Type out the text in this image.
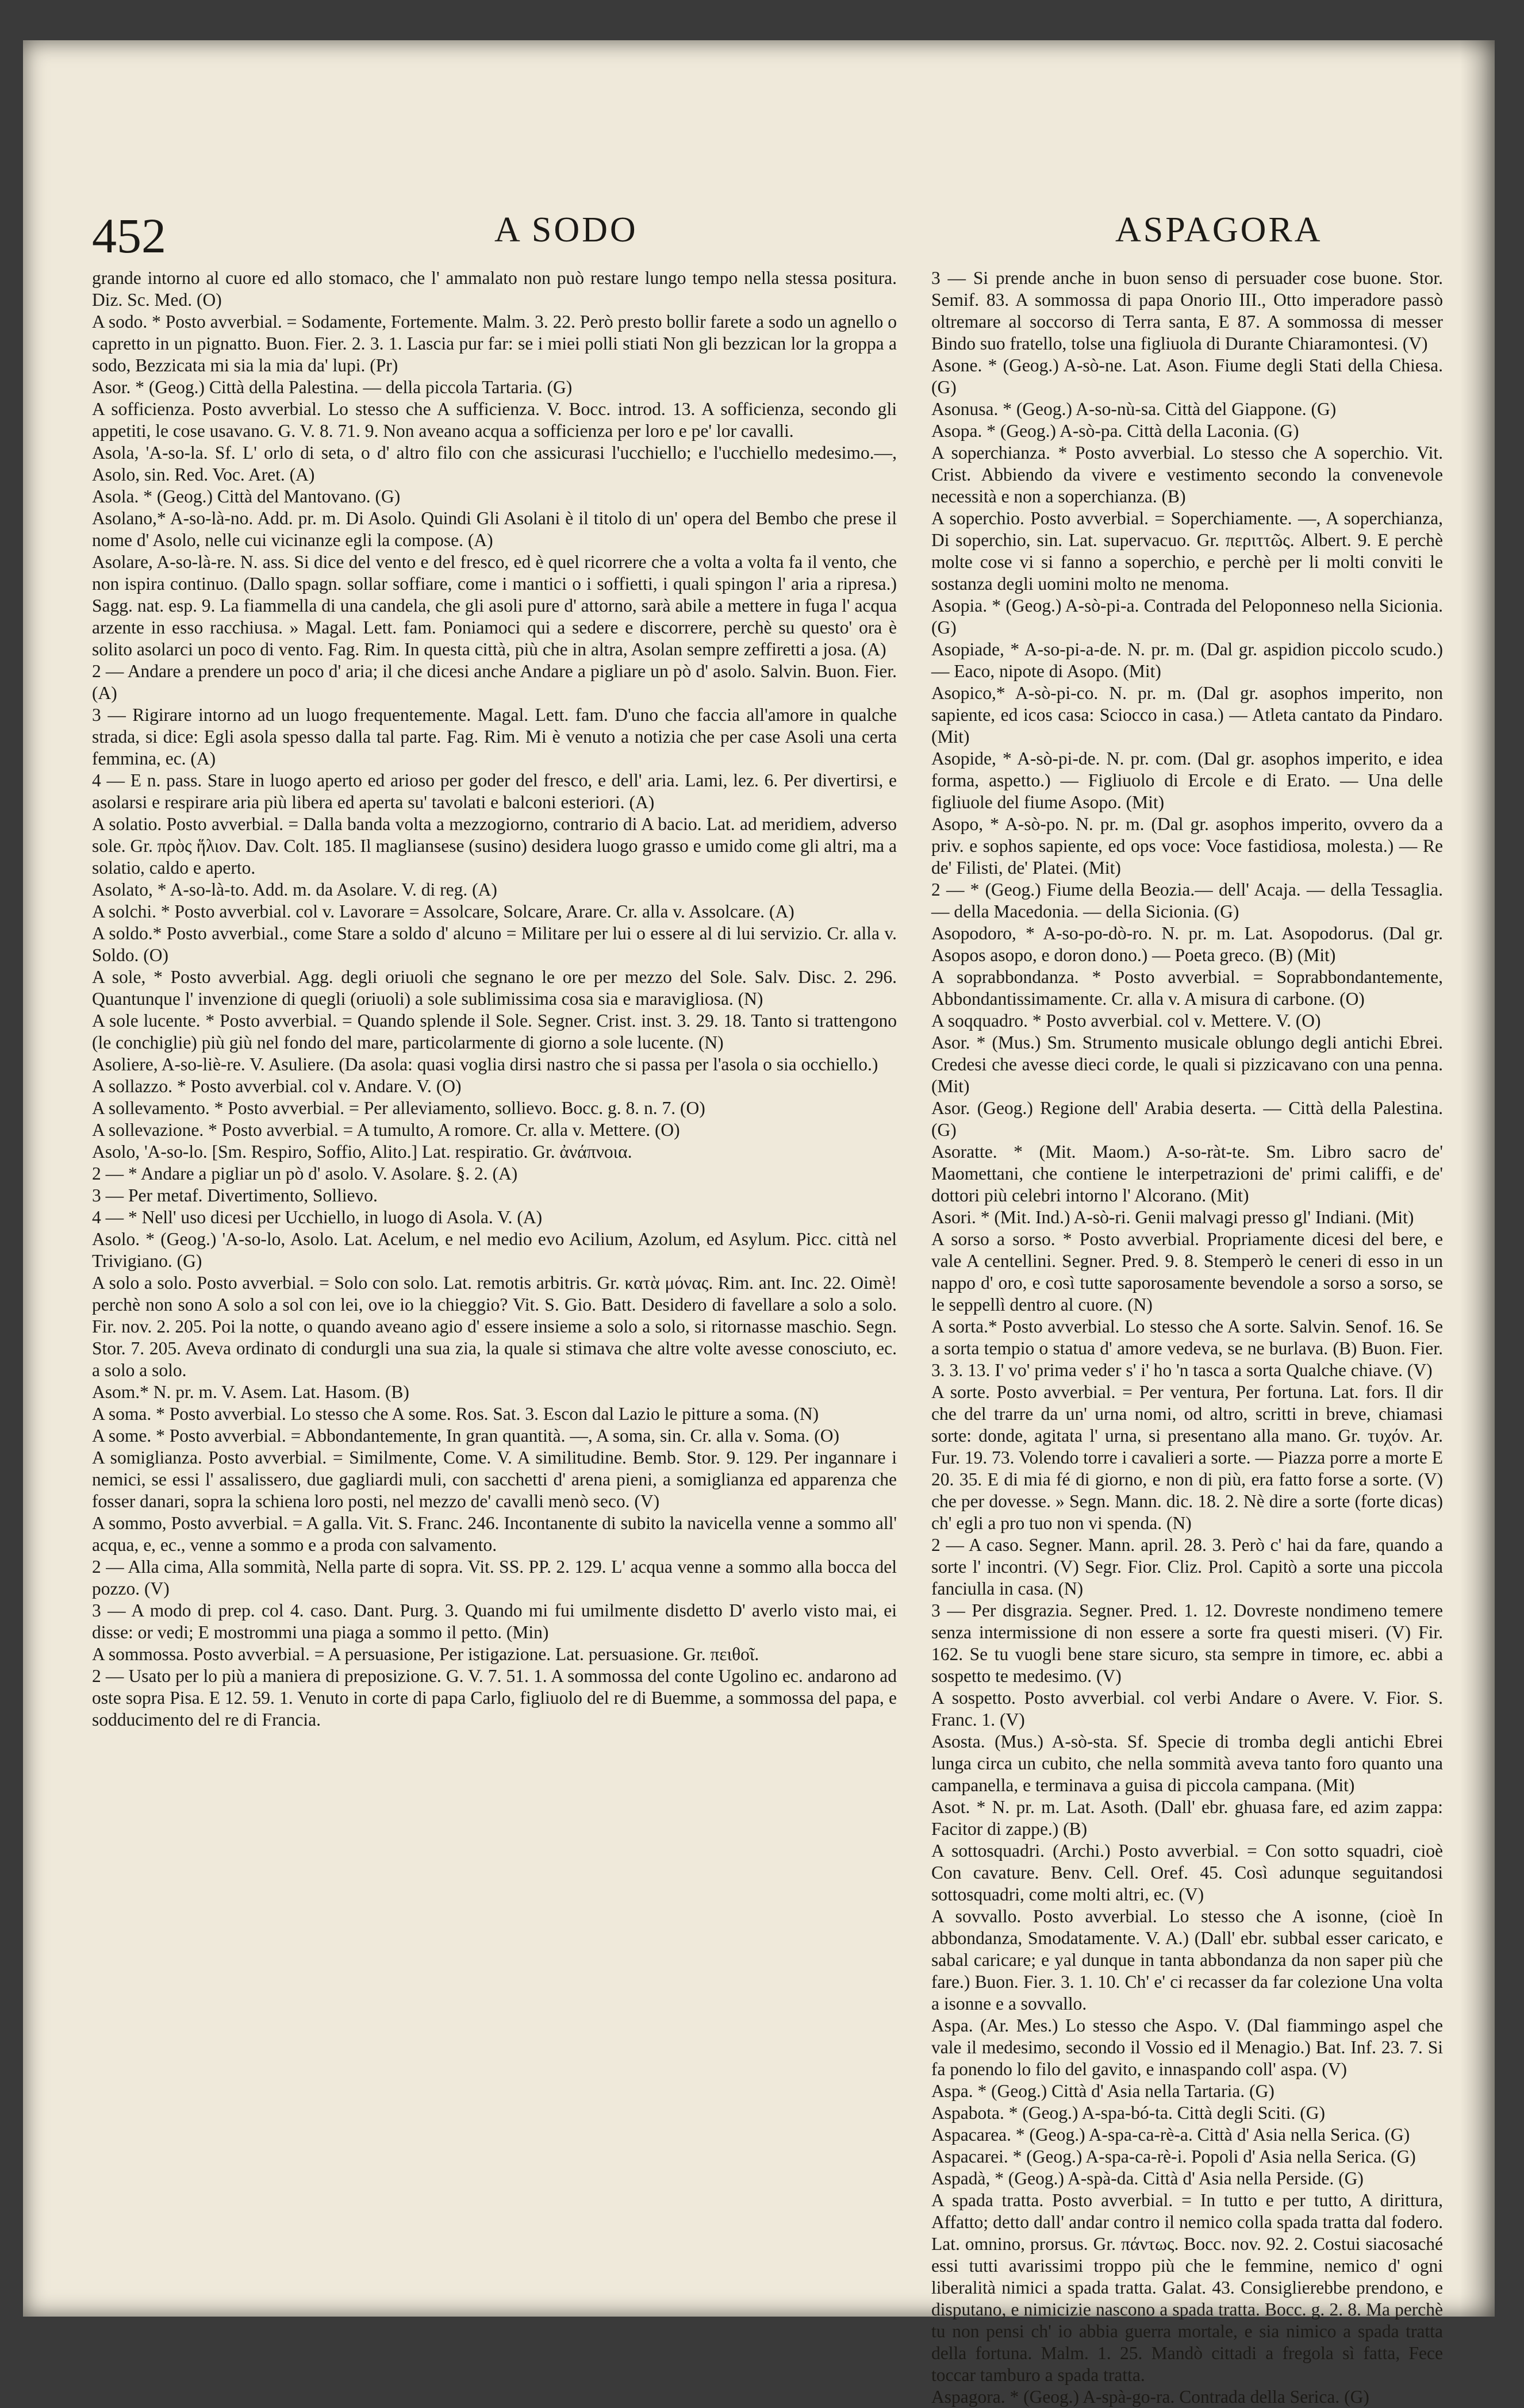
452	A SODO	ASPAGORA

grande intorno al cuore ed allo stomaco, che l' ammalato non può restare lungo tempo nella stessa positura. Diz. Sc. Med. (O)

A sodo. * Posto avverbial. = Sodamente, Fortemente. Malm. 3. 22. Però presto bollir farete a sodo un agnello o capretto in un pignatto. Buon. Fier. 2. 3. 1. Lascia pur far: se i miei polli stiati Non gli bezzican lor la groppa a sodo, Bezzicata mi sia la mia da' lupi. (Pr)

Asor. * (Geog.) Città della Palestina. — della piccola Tartaria. (G)

A sofficienza. Posto avverbial. Lo stesso che A sufficienza. V. Bocc. introd. 13. A sofficienza, secondo gli appetiti, le cose usavano. G. V. 8. 71. 9. Non aveano acqua a sofficienza per loro e pe' lor cavalli.

Asola, 'A-so-la. Sf. L' orlo di seta, o d' altro filo con che assicurasi l'ucchiello; e l'ucchiello medesimo.—, Asolo, sin. Red. Voc. Aret. (A)

Asola. * (Geog.) Città del Mantovano. (G)

Asolano,* A-so-là-no. Add. pr. m. Di Asolo. Quindi Gli Asolani è il titolo di un' opera del Bembo che prese il nome d' Asolo, nelle cui vicinanze egli la compose. (A)

Asolare, A-so-là-re. N. ass. Si dice del vento e del fresco, ed è quel ricorrere che a volta a volta fa il vento, che non ispira continuo. (Dallo spagn. sollar soffiare, come i mantici o i soffietti, i quali spingon l' aria a ripresa.) Sagg. nat. esp. 9. La fiammella di una candela, che gli asoli pure d' attorno, sarà abile a mettere in fuga l' acqua arzente in esso racchiusa. » Magal. Lett. fam. Poniamoci qui a sedere e discorrere, perchè su questo' ora è solito asolarci un poco di vento. Fag. Rim. In questa città, più che in altra, Asolan sempre zeffiretti a josa. (A)

2 — Andare a prendere un poco d' aria; il che dicesi anche Andare a pigliare un pò d' asolo. Salvin. Buon. Fier. (A)

3 — Rigirare intorno ad un luogo frequentemente. Magal. Lett. fam. D'uno che faccia all'amore in qualche strada, si dice: Egli asola spesso dalla tal parte. Fag. Rim. Mi è venuto a notizia che per case Asoli una certa femmina, ec. (A)

4 — E n. pass. Stare in luogo aperto ed arioso per goder del fresco, e dell' aria. Lami, lez. 6. Per divertirsi, e asolarsi e respirare aria più libera ed aperta su' tavolati e balconi esteriori. (A)

A solatio. Posto avverbial. = Dalla banda volta a mezzogiorno, contrario di A bacio. Lat. ad meridiem, adverso sole. Gr. πρὸς ἥλιον. Dav. Colt. 185. Il magliansese (susino) desidera luogo grasso e umido come gli altri, ma a solatio, caldo e aperto.

Asolato, * A-so-là-to. Add. m. da Asolare. V. di reg. (A)

A solchi. * Posto avverbial. col v. Lavorare = Assolcare, Solcare, Arare. Cr. alla v. Assolcare. (A)

A soldo.* Posto avverbial., come Stare a soldo d' alcuno = Militare per lui o essere al di lui servizio. Cr. alla v. Soldo. (O)

A sole, * Posto avverbial. Agg. degli oriuoli che segnano le ore per mezzo del Sole. Salv. Disc. 2. 296. Quantunque l' invenzione di quegli (oriuoli) a sole sublimissima cosa sia e maravigliosa. (N)

A sole lucente. * Posto avverbial. = Quando splende il Sole. Segner. Crist. inst. 3. 29. 18. Tanto si trattengono (le conchiglie) più giù nel fondo del mare, particolarmente di giorno a sole lucente. (N)

Asoliere, A-so-liè-re. V. Asuliere. (Da asola: quasi voglia dirsi nastro che si passa per l'asola o sia occhiello.)

A sollazzo. * Posto avverbial. col v. Andare. V. (O)

A sollevamento. * Posto avverbial. = Per alleviamento, sollievo. Bocc. g. 8. n. 7. (O)

A sollevazione. * Posto avverbial. = A tumulto, A romore. Cr. alla v. Mettere. (O)

Asolo, 'A-so-lo. [Sm. Respiro, Soffio, Alito.] Lat. respiratio. Gr. ἀνάπνοια.

2 — * Andare a pigliar un pò d' asolo. V. Asolare. §. 2. (A)

3 — Per metaf. Divertimento, Sollievo.

4 — * Nell' uso dicesi per Ucchiello, in luogo di Asola. V. (A)

Asolo. * (Geog.) 'A-so-lo, Asolo. Lat. Acelum, e nel medio evo Acilium, Azolum, ed Asylum. Picc. città nel Trivigiano. (G)

A solo a solo. Posto avverbial. = Solo con solo. Lat. remotis arbitris. Gr. κατὰ μόνας. Rim. ant. Inc. 22. Oimè! perchè non sono A solo a sol con lei, ove io la chieggio? Vit. S. Gio. Batt. Desidero di favellare a solo a solo. Fir. nov. 2. 205. Poi la notte, o quando aveano agio d' essere insieme a solo a solo, si ritornasse maschio. Segn. Stor. 7. 205. Aveva ordinato di condurgli una sua zia, la quale si stimava che altre volte avesse conosciuto, ec. a solo a solo.

Asom.* N. pr. m. V. Asem. Lat. Hasom. (B)

A soma. * Posto avverbial. Lo stesso che A some. Ros. Sat. 3. Escon dal Lazio le pitture a soma. (N)

A some. * Posto avverbial. = Abbondantemente, In gran quantità. —, A soma, sin. Cr. alla v. Soma. (O)

A somiglianza. Posto avverbial. = Similmente, Come. V. A similitudine. Bemb. Stor. 9. 129. Per ingannare i nemici, se essi l' assalissero, due gagliardi muli, con sacchetti d' arena pieni, a somiglianza ed apparenza che fosser danari, sopra la schiena loro posti, nel mezzo de' cavalli menò seco. (V)

A sommo, Posto avverbial. = A galla. Vit. S. Franc. 246. Incontanente di subito la navicella venne a sommo all' acqua, e, ec., venne a sommo e a proda con salvamento.

2 — Alla cima, Alla sommità, Nella parte di sopra. Vit. SS. PP. 2. 129. L' acqua venne a sommo alla bocca del pozzo. (V)

3 — A modo di prep. col 4. caso. Dant. Purg. 3. Quando mi fui umilmente disdetto D' averlo visto mai, ei disse: or vedi; E mostrommi una piaga a sommo il petto. (Min)

A sommossa. Posto avverbial. = A persuasione, Per istigazione. Lat. persuasione. Gr. πειθοῖ.

2 — Usato per lo più a maniera di preposizione. G. V. 7. 51. 1. A sommossa del conte Ugolino ec. andarono ad oste sopra Pisa. E 12. 59. 1. Venuto in corte di papa Carlo, figliuolo del re di Buemme, a sommossa del papa, e sodducimento del re di Francia.

3 — Si prende anche in buon senso di persuader cose buone. Stor. Semif. 83. A sommossa di papa Onorio III., Otto imperadore passò oltremare al soccorso di Terra santa, E 87. A sommossa di messer Bindo suo fratello, tolse una figliuola di Durante Chiaramontesi. (V)

Asone. * (Geog.) A-sò-ne. Lat. Ason. Fiume degli Stati della Chiesa. (G)

Asonusa. * (Geog.) A-so-nù-sa. Città del Giappone. (G)

Asopa. * (Geog.) A-sò-pa. Città della Laconia. (G)

A soperchianza. * Posto avverbial. Lo stesso che A soperchio. Vit. Crist. Abbiendo da vivere e vestimento secondo la convenevole necessità e non a soperchianza. (B)

A soperchio. Posto avverbial. = Soperchiamente. —, A soperchianza, Di soperchio, sin. Lat. supervacuo. Gr. περιττῶς. Albert. 9. E perchè molte cose vi si fanno a soperchio, e perchè per li molti conviti le sostanza degli uomini molto ne menoma.

Asopia. * (Geog.) A-sò-pi-a. Contrada del Peloponneso nella Sicionia. (G)

Asopiade, * A-so-pi-a-de. N. pr. m. (Dal gr. aspidion piccolo scudo.) — Eaco, nipote di Asopo. (Mit)

Asopico,* A-sò-pi-co. N. pr. m. (Dal gr. asophos imperito, non sapiente, ed icos casa: Sciocco in casa.) — Atleta cantato da Pindaro. (Mit)

Asopide, * A-sò-pi-de. N. pr. com. (Dal gr. asophos imperito, e idea forma, aspetto.) — Figliuolo di Ercole e di Erato. — Una delle figliuole del fiume Asopo. (Mit)

Asopo, * A-sò-po. N. pr. m. (Dal gr. asophos imperito, ovvero da a priv. e sophos sapiente, ed ops voce: Voce fastidiosa, molesta.) — Re de' Filisti, de' Platei. (Mit)

2 — * (Geog.) Fiume della Beozia.— dell' Acaja. — della Tessaglia. — della Macedonia. — della Sicionia. (G)

Asopodoro, * A-so-po-dò-ro. N. pr. m. Lat. Asopodorus. (Dal gr. Asopos asopo, e doron dono.) — Poeta greco. (B) (Mit)

A soprabbondanza. * Posto avverbial. = Soprabbondantemente, Abbondantissimamente. Cr. alla v. A misura di carbone. (O)

A soqquadro. * Posto avverbial. col v. Mettere. V. (O)

Asor. * (Mus.) Sm. Strumento musicale oblungo degli antichi Ebrei. Credesi che avesse dieci corde, le quali si pizzicavano con una penna. (Mit)

Asor. (Geog.) Regione dell' Arabia deserta. — Città della Palestina. (G)

Asoratte. * (Mit. Maom.) A-so-ràt-te. Sm. Libro sacro de' Maomettani, che contiene le interpetrazioni de' primi califfi, e de' dottori più celebri intorno l' Alcorano. (Mit)

Asori. * (Mit. Ind.) A-sò-ri. Genii malvagi presso gl' Indiani. (Mit)

A sorso a sorso. * Posto avverbial. Propriamente dicesi del bere, e vale A centellini. Segner. Pred. 9. 8. Stemperò le ceneri di esso in un nappo d' oro, e così tutte saporosamente bevendole a sorso a sorso, se le seppellì dentro al cuore. (N)

A sorta.* Posto avverbial. Lo stesso che A sorte. Salvin. Senof. 16. Se a sorta tempio o statua d' amore vedeva, se ne burlava. (B) Buon. Fier. 3. 3. 13. I' vo' prima veder s' i' ho 'n tasca a sorta Qualche chiave. (V)

A sorte. Posto avverbial. = Per ventura, Per fortuna. Lat. fors. Il dir che del trarre da un' urna nomi, od altro, scritti in breve, chiamasi sorte: donde, agitata l' urna, si presentano alla mano. Gr. τυχόν. Ar. Fur. 19. 73. Volendo torre i cavalieri a sorte. — Piazza porre a morte E 20. 35. E di mia fé di giorno, e non di più, era fatto forse a sorte. (V) che per dovesse. » Segn. Mann. dic. 18. 2. Nè dire a sorte (forte dicas) ch' egli a pro tuo non vi spenda. (N)

2 — A caso. Segner. Mann. april. 28. 3. Però c' hai da fare, quando a sorte l' incontri. (V) Segr. Fior. Cliz. Prol. Capitò a sorte una piccola fanciulla in casa. (N)

3 — Per disgrazia. Segner. Pred. 1. 12. Dovreste nondimeno temere senza intermissione di non essere a sorte fra questi miseri. (V) Fir. 162. Se tu vuogli bene stare sicuro, sta sempre in timore, ec. abbi a sospetto te medesimo. (V)

A sospetto. Posto avverbial. col verbi Andare o Avere. V. Fior. S. Franc. 1. (V)

Asosta. (Mus.) A-sò-sta. Sf. Specie di tromba degli antichi Ebrei lunga circa un cubito, che nella sommità aveva tanto foro quanto una campanella, e terminava a guisa di piccola campana. (Mit)

Asot. * N. pr. m. Lat. Asoth. (Dall' ebr. ghuasa fare, ed azim zappa: Facitor di zappe.) (B)

A sottosquadri. (Archi.) Posto avverbial. = Con sotto squadri, cioè Con cavature. Benv. Cell. Oref. 45. Così adunque seguitandosi sottosquadri, come molti altri, ec. (V)

A sovvallo. Posto avverbial. Lo stesso che A isonne, (cioè In abbondanza, Smodatamente. V. A.) (Dall' ebr. subbal esser caricato, e sabal caricare; e yal dunque in tanta abbondanza da non saper più che fare.) Buon. Fier. 3. 1. 10. Ch' e' ci recasser da far colezione Una volta a isonne e a sovvallo.

Aspa. (Ar. Mes.) Lo stesso che Aspo. V. (Dal fiammingo aspel che vale il medesimo, secondo il Vossio ed il Menagio.) Bat. Inf. 23. 7. Si fa ponendo lo filo del gavito, e innaspando coll' aspa. (V)

Aspa. * (Geog.) Città d' Asia nella Tartaria. (G)

Aspabota. * (Geog.) A-spa-bó-ta. Città degli Sciti. (G)

Aspacarea. * (Geog.) A-spa-ca-rè-a. Città d' Asia nella Serica. (G)

Aspacarei. * (Geog.) A-spa-ca-rè-i. Popoli d' Asia nella Serica. (G)

Aspadà, * (Geog.) A-spà-da. Città d' Asia nella Perside. (G)

A spada tratta. Posto avverbial. = In tutto e per tutto, A dirittura, Affatto; detto dall' andar contro il nemico colla spada tratta dal fodero. Lat. omnino, prorsus. Gr. πάντως. Bocc. nov. 92. 2. Costui siacosaché essi tutti avarissimi troppo più che le femmine, nemico d' ogni liberalità nimici a spada tratta. Galat. 43. Consiglierebbe prendono, e disputano, e nimicizie nascono a spada tratta. Bocc. g. 2. 8. Ma perchè tu non pensi ch' io abbia guerra mortale, e sia nimico a spada tratta della fortuna. Malm. 1. 25. Mandò cittadi a fregola sì fatta, Fece toccar tamburo a spada tratta.

Aspagora. * (Geog.) A-spà-go-ra. Contrada della Serica. (G)
